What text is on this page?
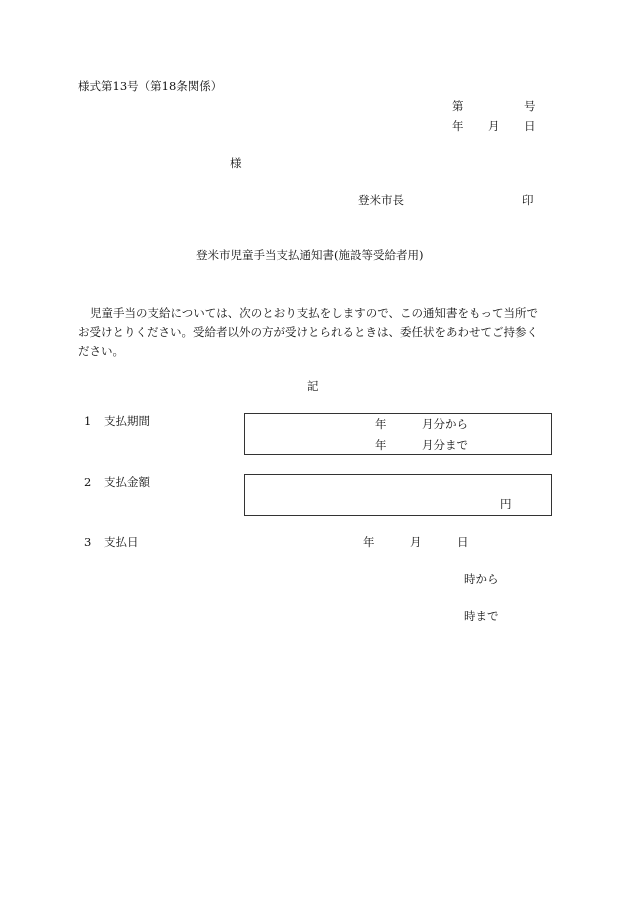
様式第13号（第18条関係）
第	号
年 月 日
様
登米市長	印
登米市児童手当支払通知書(施設等受給者用)

児童手当の支給については、次のとおり支払をしますので、この通知書をもって当所で

お受けとりください。受給者以外の方が受けとられるときは、委任状をあわせてご持参く

ださい。

記
1 支払期間	年	月分から
年	月分まで
2 支払金額
円
3 支払日	年	月	日
時から
時まで
